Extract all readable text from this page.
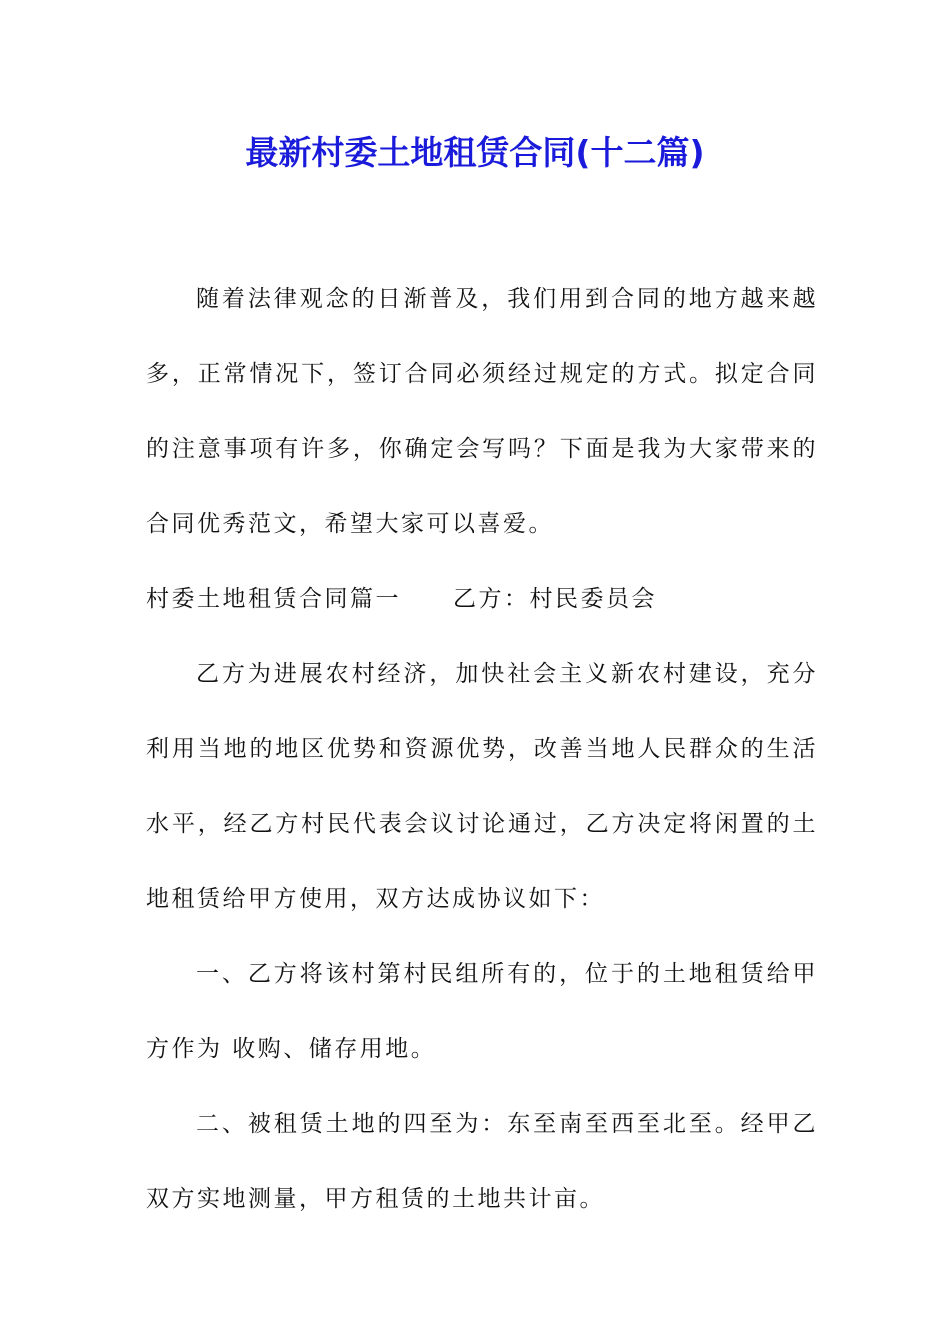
最新村委土地租赁合同(十二篇)

随着法律观念的日渐普及，我们用到合同的地方越来越多，正常情况下，签订合同必须经过规定的方式。拟定合同的注意事项有许多，你确定会写吗？下面是我为大家带来的合同优秀范文，希望大家可以喜爱。

村委土地租赁合同篇一 乙方：村民委员会

乙方为进展农村经济，加快社会主义新农村建设，充分利用当地的地区优势和资源优势，改善当地人民群众的生活水平，经乙方村民代表会议讨论通过，乙方决定将闲置的土地租赁给甲方使用，双方达成协议如下：

一、乙方将该村第村民组所有的，位于的土地租赁给甲方作为 收购、储存用地。

二、被租赁土地的四至为：东至南至西至北至。经甲乙双方实地测量，甲方租赁的土地共计亩。
